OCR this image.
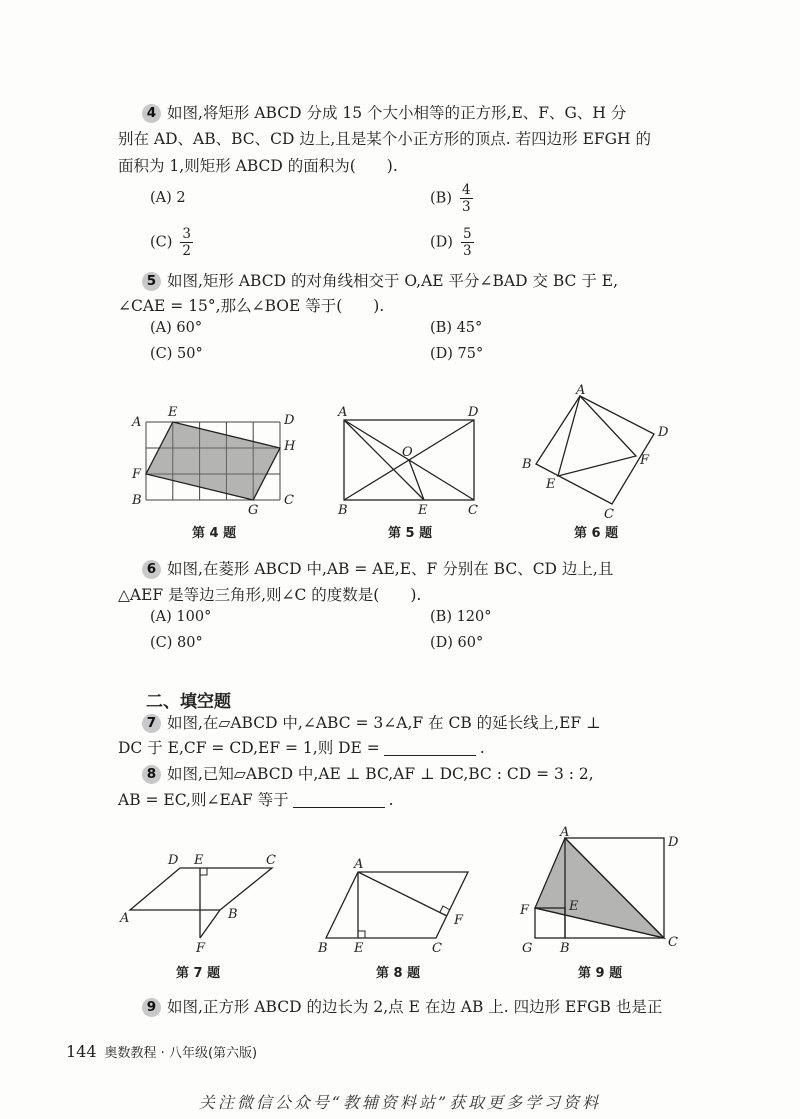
4 如图,将矩形 ABCD 分成 15 个大小相等的正方形,E、F、G、H 分
别在 AD、AB、BC、CD 边上,且是某个小正方形的顶点. 若四边形 EFGH 的
面积为 1,则矩形 ABCD 的面积为(　　).
(A) 2	$(B) \frac{4}{3}$
$(C) \frac{3}{2}$	$(D) \frac{5}{3}$
5 如图,矩形 ABCD 的对角线相交于 O,AE 平分∠BAD 交 BC 于 E,
∠CAE = 15°,那么∠BOE 等于(　　).
(A) 60°	(B) 45°
(C) 50°	(D) 75°
A
E
D
H
F
B
G
C
第 4 题
A	D
O
B	E	C
第 5 题
A
D
F
B
E
C
第 6 题
6 如图,在菱形 ABCD 中,AB = AE,E、F 分别在 BC、CD 边上,且
△AEF 是等边三角形,则∠C 的度数是(　　).
(A) 100°	(B) 120°
(C) 80°	(D) 60°
二、填空题
7 如图,在▱ABCD 中,∠ABC = 3∠A,F 在 CB 的延长线上,EF ⊥
DC 于 E,CF = CD,EF = 1,则 DE =	.
8 如图,已知▱ABCD 中,AE ⊥ BC,AF ⊥ DC,BC : CD = 3 : 2,
AB = EC,则∠EAF 等于	.
D E	C
A	B
F
第 7 题
A
B E	C
F
第 8 题
A
D
F	E
C
G B
第 9 题
9 如图,正方形 ABCD 的边长为 2,点 E 在边 AB 上. 四边形 EFGB 也是正
144 奥数教程 · 八年级(第六版)
关注微信公众号“教辅资料站”获取更多学习资料
